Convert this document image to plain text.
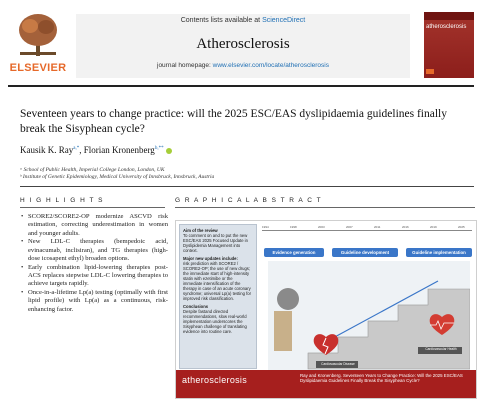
ELSEVIER
Contents lists available at ScienceDirect
Atherosclerosis
journal homepage: www.elsevier.com/locate/atherosclerosis
atherosclerosis
Seventeen years to change practice: will the 2025 ESC/EAS dyslipidaemia guidelines finally break the Sisyphean cycle?
Kausik K. Ray$^{a,*}$, Florian Kronenberg$^{b,**}$
ᵃ School of Public Health, Imperial College London, London, UK
ᵇ Institute of Genetic Epidemiology, Medical University of Innsbruck, Innsbruck, Austria
H I G H L I G H T S
• SCORE2/SCORE2-OP modernize ASCVD risk estimation, correcting underestimation in women and younger adults.
• New LDL-C therapies (bempedoic acid, evinacumab, inclisiran), and TG therapies (high-dose icosapent ethyl) broaden options.
• Early combination lipid-lowering therapies post-ACS replaces stepwise LDL-C lowering therapies to achieve targets rapidly.
• Once-in-a-lifetime Lp(a) testing (optimally with first lipid profile) with Lp(a) as a continuous, risk-enhancing factor.
G R A P H I C A L A B S T R A C T
Aim of the review
To comment on and to put the new ESC/EAS 2025 Focused Update in Dyslipidemia Management into context.
Major new updates include:
risk prediction with SCORE2 / SCORE2-OP; the use of new drugs; the immediate start of high-intensity statin with ezetimibe or the immediate intensification of the therapy in case of an acute coronary syndrome; universal Lp(a) testing for improved risk classification.
Conclusions
Despite fastand directed recommendations, slow real-world implementation underscores the Sisyphean challenge of translating evidence into routine care.
1994	1998	2003	2007	2011	2016	2019	2025
Evidence generation	Guideline development	Guideline implementation
Cardiovascular Disease
Cardiovascular Health
atherosclerosis	Ray and Kronenberg. Seventeen Years to Change Practice: Will the 2025 ESC/EAS Dyslipidaemia Guidelines Finally Break the Sisyphean Cycle?
